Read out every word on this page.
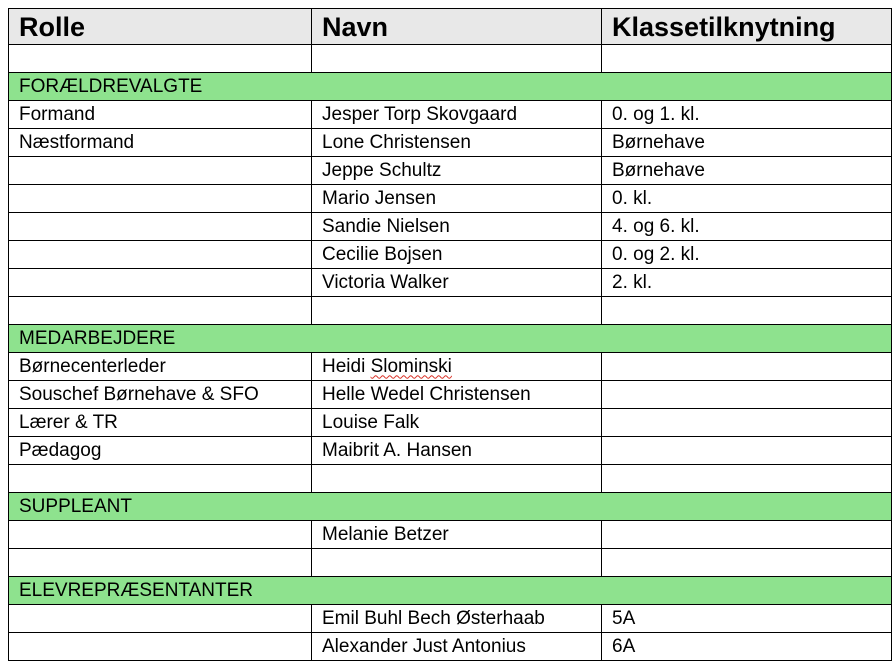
Rolle	Navn	Klassetilknytning

FORÆLDREVALGTE		
Formand	Jesper Torp Skovgaard	0. og 1. kl.
Næstformand	Lone Christensen	Børnehave
	Jeppe Schultz	Børnehave
	Mario Jensen	0. kl.
	Sandie Nielsen	4. og 6. kl.
	Cecilie Bojsen	0. og 2. kl.
	Victoria Walker	2. kl.

MEDARBEJDERE		
Børnecenterleder	Heidi Slominski	
Souschef Børnehave & SFO	Helle Wedel Christensen	
Lærer & TR	Louise Falk	
Pædagog	Maibrit A. Hansen	

SUPPLEANT		
	Melanie Betzer	

ELEVREPRÆSENTANTER		
	Emil Buhl Bech Østerhaab	5A
	Alexander Just Antonius	6A
